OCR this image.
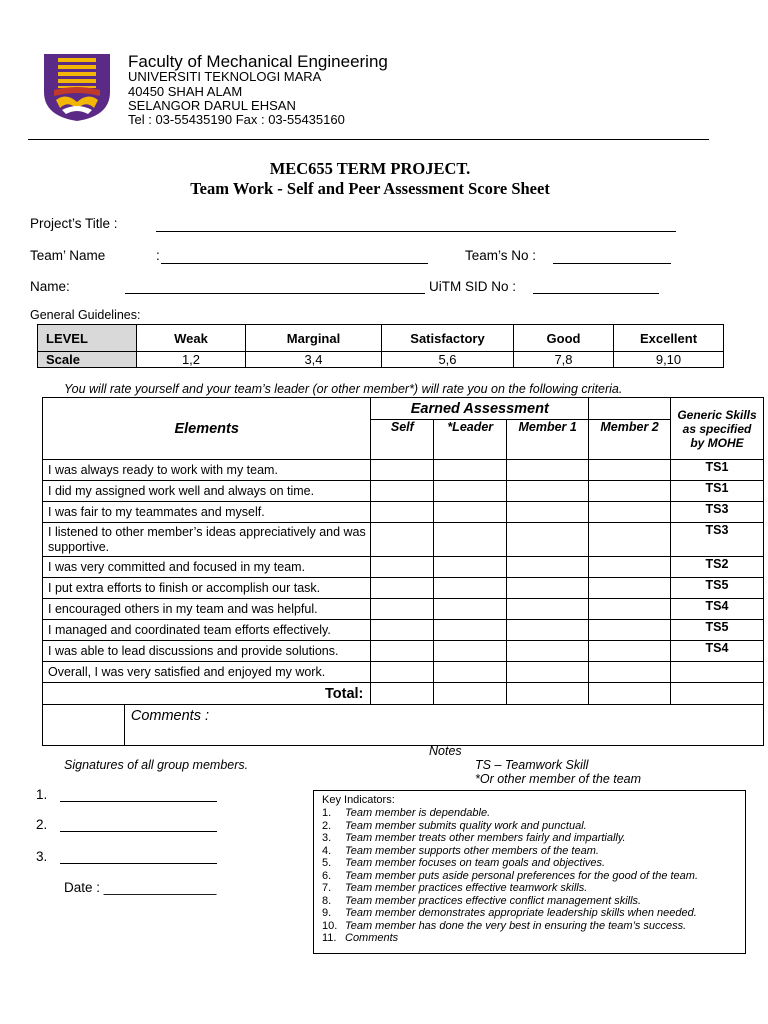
Faculty of Mechanical Engineering
UNIVERSITI TEKNOLOGI MARA
40450 SHAH ALAM
SELANGOR DARUL EHSAN
Tel : 03-55435190 Fax : 03-55435160
MEC655 TERM PROJECT.
Team Work - Self and Peer Assessment Score Sheet
Project’s Title :
Team’ Name	:	Team’s No :
Name:	UiTM SID No :
General Guidelines:
LEVEL	Weak	Marginal	Satisfactory	Good	Excellent
Scale	1,2	3,4	5,6	7,8	9,10
You will rate yourself and your team’s leader (or other member*) will rate you on the following criteria.
Elements		Earned Assessment				Generic Skills as specified by MOHE
		Self	*Leader	Member 1	Member 2	
I was always ready to work with my team.						TS1
I did my assigned work well and always on time.						TS1
I was fair to my teammates and myself.						TS3
I listened to other member’s ideas appreciatively and was supportive.						TS3
I was very committed and focused in my team.						TS2
I put extra efforts to finish or accomplish our task.						TS5
I encouraged others in my team and was helpful.						TS4
I managed and coordinated team efforts effectively.						TS5
I was able to lead discussions and provide solutions.						TS4
Overall, I was very satisfied and enjoyed my work.						
Total:						
	Comments :					
Notes
TS – Teamwork Skill
*Or other member of the team
Signatures of all group members.
1.
2.
3.
Date : _______________
Key Indicators:
1. Team member is dependable.
2. Team member submits quality work and punctual.
3. Team member treats other members fairly and impartially.
4. Team member supports other members of the team.
5. Team member focuses on team goals and objectives.
6. Team member puts aside personal preferences for the good of the team.
7. Team member practices effective teamwork skills.
8. Team member practices effective conflict management skills.
9. Team member demonstrates appropriate leadership skills when needed.
10. Team member has done the very best in ensuring the team’s success.
11. Comments
